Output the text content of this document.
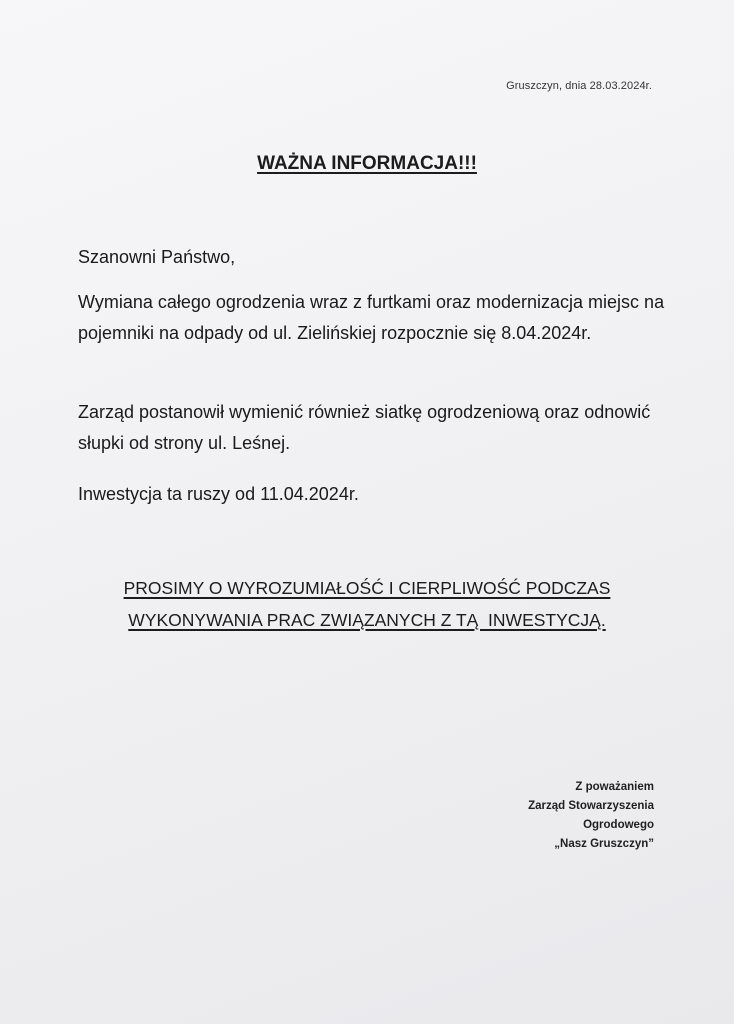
Gruszczyn, dnia 28.03.2024r.
WAŻNA INFORMACJA!!!

Szanowni Państwo,

Wymiana całego ogrodzenia wraz z furtkami oraz modernizacja miejsc na pojemniki na odpady od ul. Zielińskiej rozpocznie się 8.04.2024r.

Zarząd postanowił wymienić również siatkę ogrodzeniową oraz odnowić słupki od strony ul. Leśnej.

Inwestycja ta ruszy od 11.04.2024r.

PROSIMY O WYROZUMIAŁOŚĆ I CIERPLIWOŚĆ PODCZAS
WYKONYWANIA PRAC ZWIĄZANYCH Z TĄ  INWESTYCJĄ.
Z poważaniem
Zarząd Stowarzyszenia
Ogrodowego
„Nasz Gruszczyn”
